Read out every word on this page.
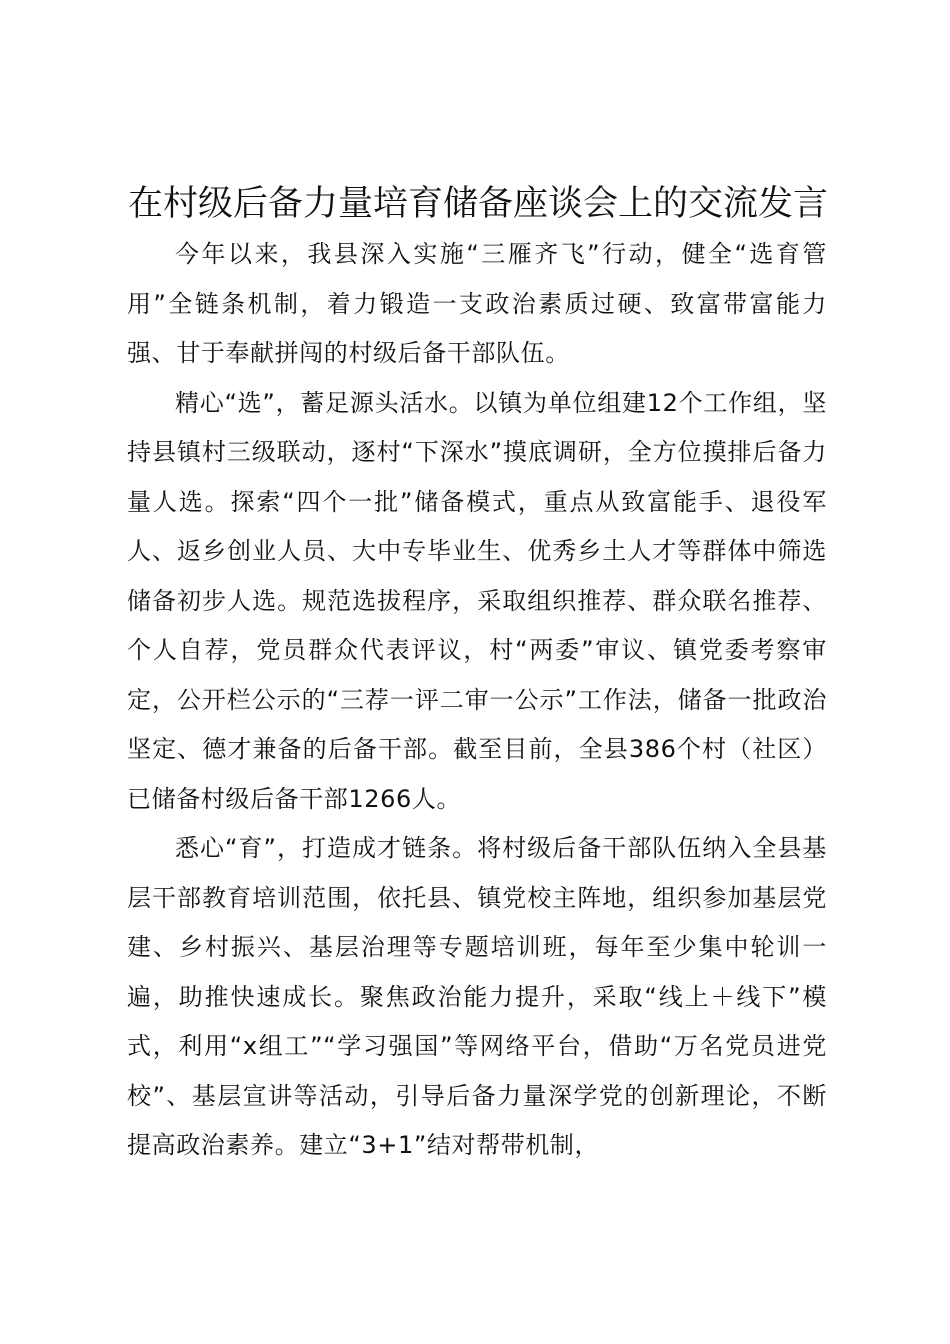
在村级后备力量培育储备座谈会上的交流发言

今年以来，我县深入实施“三雁齐飞”行动，健全“选育管用”全链条机制，着力锻造一支政治素质过硬、致富带富能力强、甘于奉献拼闯的村级后备干部队伍。

精心“选”，蓄足源头活水。以镇为单位组建12个工作组，坚持县镇村三级联动，逐村“下深水”摸底调研，全方位摸排后备力量人选。探索“四个一批”储备模式，重点从致富能手、退役军人、返乡创业人员、大中专毕业生、优秀乡土人才等群体中筛选储备初步人选。规范选拔程序，采取组织推荐、群众联名推荐、个人自荐，党员群众代表评议，村“两委”审议、镇党委考察审定，公开栏公示的“三荐一评二审一公示”工作法，储备一批政治坚定、德才兼备的后备干部。截至目前，全县386个村（社区）已储备村级后备干部1266人。

悉心“育”，打造成才链条。将村级后备干部队伍纳入全县基层干部教育培训范围，依托县、镇党校主阵地，组织参加基层党建、乡村振兴、基层治理等专题培训班，每年至少集中轮训一遍，助推快速成长。聚焦政治能力提升，采取“线上＋线下”模式，利用“x组工”“学习强国”等网络平台，借助“万名党员进党校”、基层宣讲等活动，引导后备力量深学党的创新理论，不断提高政治素养。建立“3+1”结对帮带机制，
